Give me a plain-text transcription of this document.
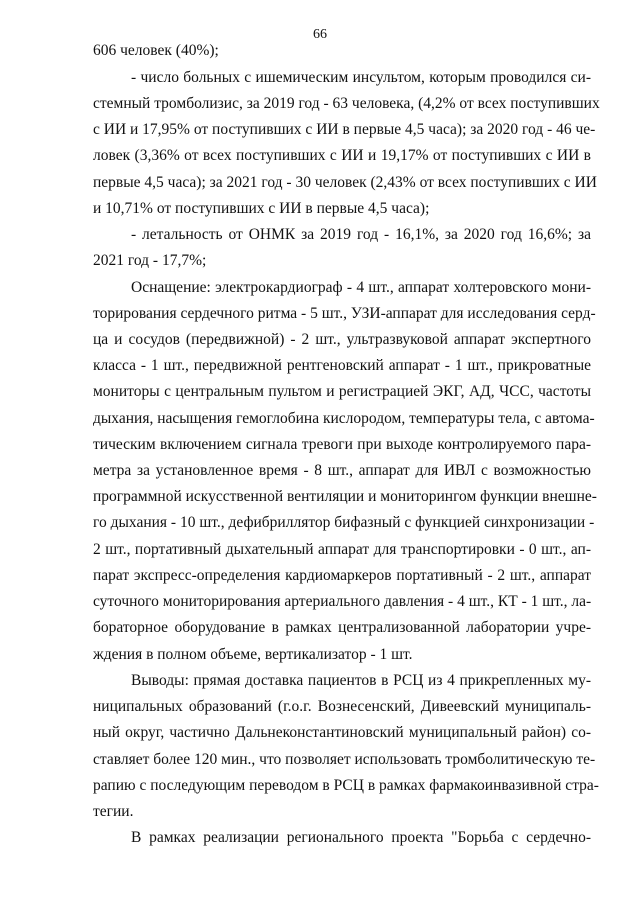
66
606 человек (40%);
- число больных с ишемическим инсультом, которым проводился си-
стемный тромболизис, за 2019 год - 63 человека, (4,2% от всех поступивших
с ИИ и 17,95% от поступивших с ИИ в первые 4,5 часа); за 2020 год - 46 че-
ловек (3,36% от всех поступивших с ИИ и 19,17% от поступивших с ИИ в
первые 4,5 часа); за 2021 год - 30 человек (2,43% от всех поступивших с ИИ
и 10,71% от поступивших с ИИ в первые 4,5 часа);
- летальность от ОНМК за 2019 год - 16,1%, за 2020 год 16,6%; за
2021 год - 17,7%;
Оснащение: электрокардиограф - 4 шт., аппарат холтеровского мони-
торирования сердечного ритма - 5 шт., УЗИ-аппарат для исследования серд-
ца и сосудов (передвижной) - 2 шт., ультразвуковой аппарат экспертного
класса - 1 шт., передвижной рентгеновский аппарат - 1 шт., прикроватные
мониторы с центральным пультом и регистрацией ЭКГ, АД, ЧСС, частоты
дыхания, насыщения гемоглобина кислородом, температуры тела, с автома-
тическим включением сигнала тревоги при выходе контролируемого пара-
метра за установленное время - 8 шт., аппарат для ИВЛ с возможностью
программной искусственной вентиляции и мониторингом функции внешне-
го дыхания - 10 шт., дефибриллятор бифазный с функцией синхронизации -
2 шт., портативный дыхательный аппарат для транспортировки - 0 шт., ап-
парат экспресс-определения кардиомаркеров портативный - 2 шт., аппарат
суточного мониторирования артериального давления - 4 шт., КТ - 1 шт., ла-
бораторное оборудование в рамках централизованной лаборатории учре-
ждения в полном объеме, вертикализатор - 1 шт.
Выводы: прямая доставка пациентов в РСЦ из 4 прикрепленных му-
ниципальных образований (г.о.г. Вознесенский, Дивеевский муниципаль-
ный округ, частично Дальнеконстантиновский муниципальный район) со-
ставляет более 120 мин., что позволяет использовать тромболитическую те-
рапию с последующим переводом в РСЦ в рамках фармакоинвазивной стра-
тегии.
В рамках реализации регионального проекта "Борьба с сердечно-
